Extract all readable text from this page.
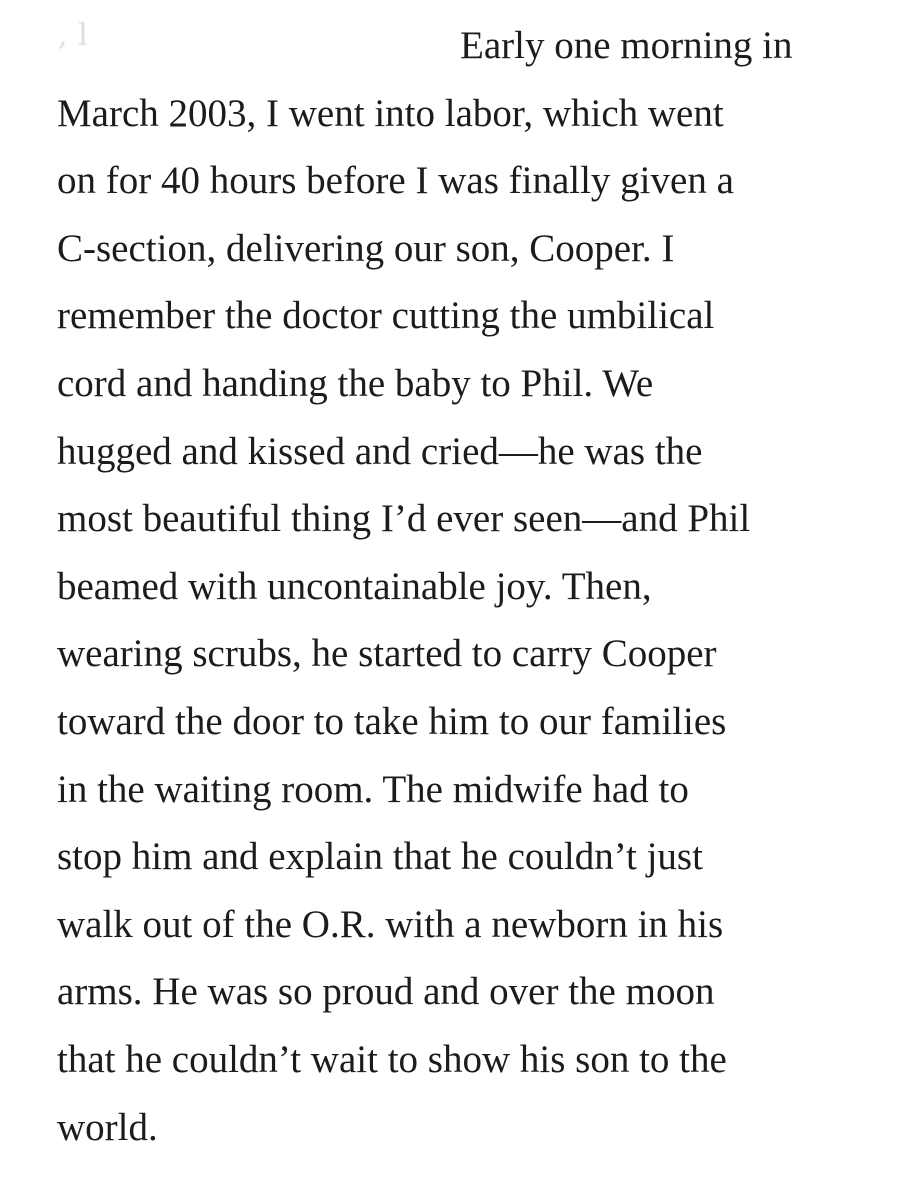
, l	Early one morning in
March 2003, I went into labor, which went
on for 40 hours before I was finally given a
C-section, delivering our son, Cooper. I
remember the doctor cutting the umbilical
cord and handing the baby to Phil. We
hugged and kissed and cried—he was the
most beautiful thing I’d ever seen—and Phil
beamed with uncontainable joy. Then,
wearing scrubs, he started to carry Cooper
toward the door to take him to our families
in the waiting room. The midwife had to
stop him and explain that he couldn’t just
walk out of the O.R. with a newborn in his
arms. He was so proud and over the moon
that he couldn’t wait to show his son to the
world.
